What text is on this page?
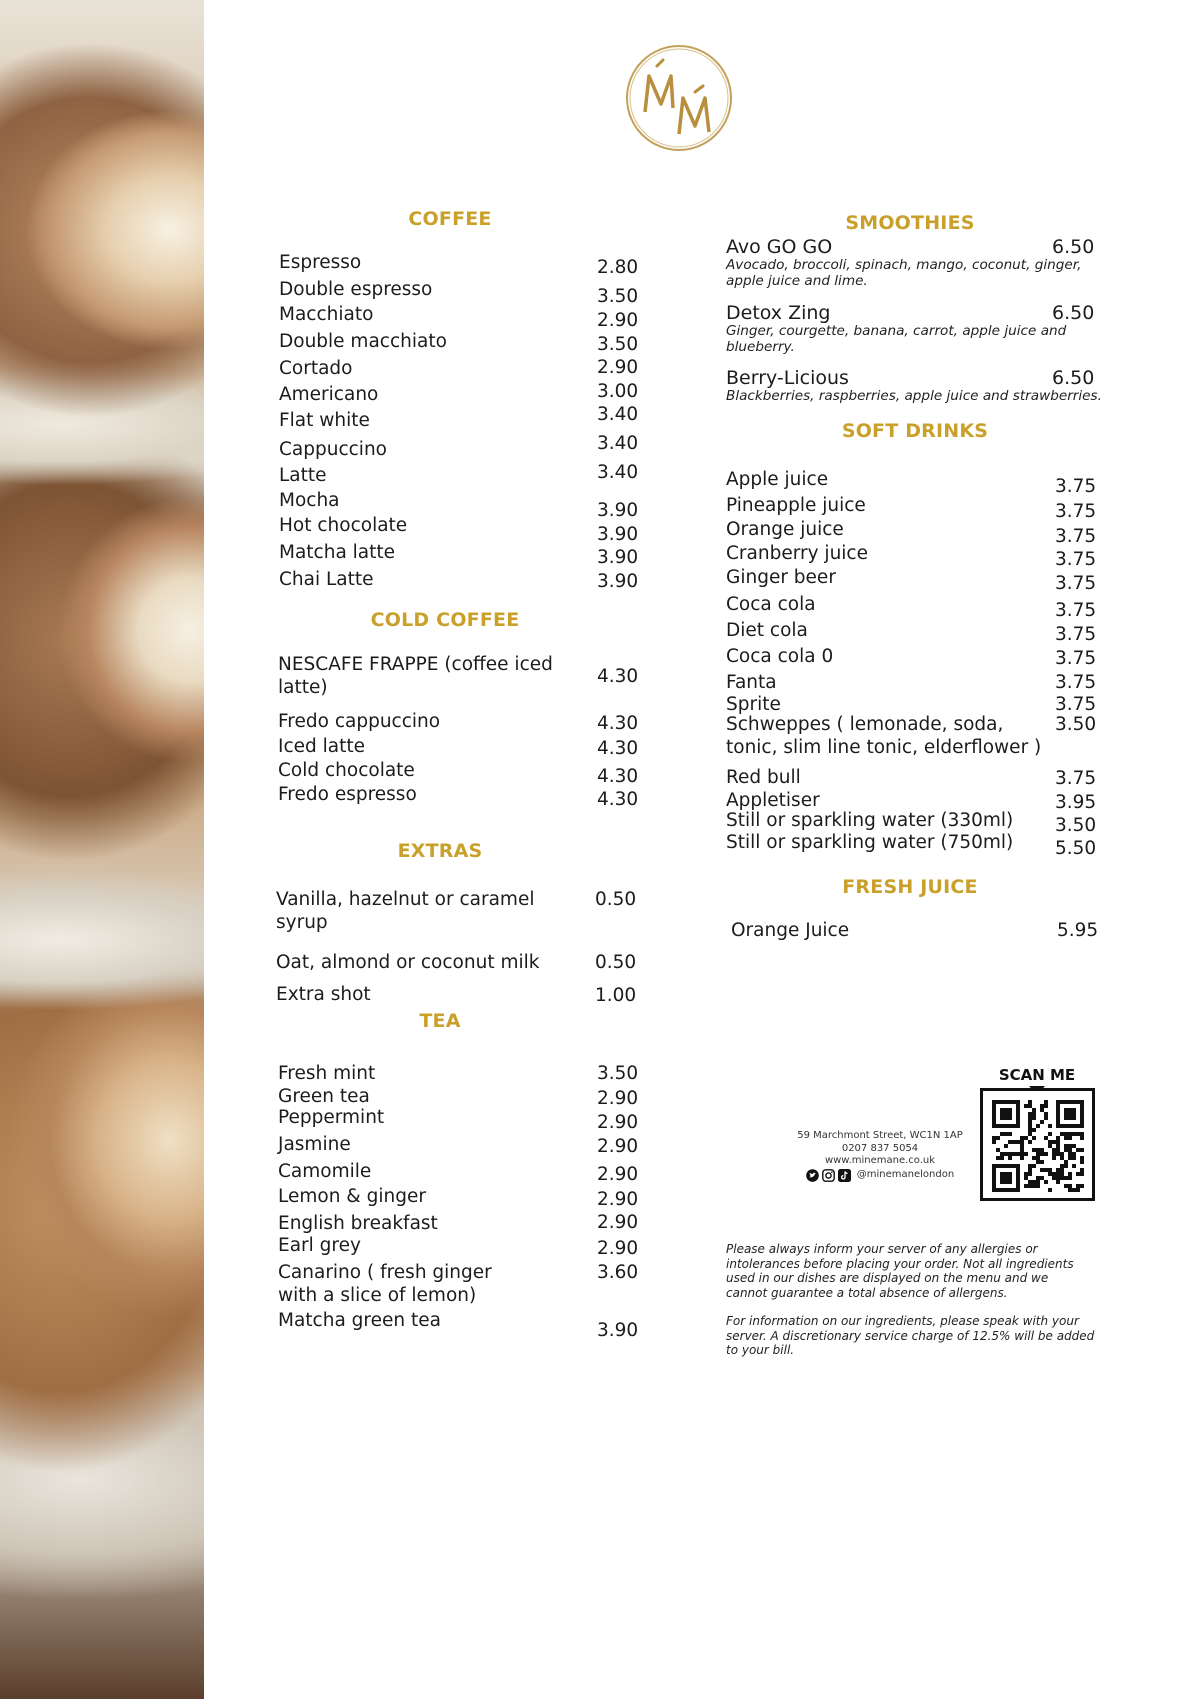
COFFEE
Espresso	2.80
Double espresso	3.50
Macchiato	2.90
Double macchiato	3.50
Cortado	2.90
Americano	3.00
Flat white	3.40
Cappuccino	3.40
Latte	3.40
Mocha	3.90
Hot chocolate	3.90
Matcha latte	3.90
Chai Latte	3.90
COLD COFFEE
NESCAFE FRAPPE (coffee iced
latte)
4.30
Fredo cappuccino	4.30
Iced latte	4.30
Cold chocolate	4.30
Fredo espresso	4.30
EXTRAS
Vanilla, hazelnut or caramel
syrup
0.50
Oat, almond or coconut milk	0.50
Extra shot	1.00
TEA
Fresh mint	3.50
Green tea	2.90
Peppermint	2.90
Jasmine	2.90
Camomile	2.90
Lemon & ginger	2.90
English breakfast	2.90
Earl grey	2.90
Canarino ( fresh ginger
with a slice of lemon)
3.60
Matcha green tea	3.90
SMOOTHIES
Avo GO GO	6.50
Avocado, broccoli, spinach, mango, coconut, ginger,
apple juice and lime.
Detox Zing	6.50
Ginger, courgette, banana, carrot, apple juice and
blueberry.
Berry-Licious	6.50
Blackberries, raspberries, apple juice and strawberries.
SOFT DRINKS
Apple juice	3.75
Pineapple juice	3.75
Orange juice	3.75
Cranberry juice	3.75
Ginger beer	3.75
Coca cola	3.75
Diet cola	3.75
Coca cola 0	3.75
Fanta	3.75
Sprite	3.75
Schweppes ( lemonade, soda,
tonic, slim line tonic, elderflower )
3.50
Red bull	3.75
Appletiser	3.95
Still or sparkling water (330ml) 3.50
Still or sparkling water (750ml) 5.50
FRESH JUICE
Orange Juice	5.95
59 Marchmont Street, WC1N 1AP
0207 837 5054
www.minemane.co.uk
@minemanelondon
SCAN ME
Please always inform your server of any allergies or
intolerances before placing your order. Not all ingredients
used in our dishes are displayed on the menu and we
cannot guarantee a total absence of allergens.
For information on our ingredients, please speak with your
server. A discretionary service charge of 12.5% will be added
to your bill.
